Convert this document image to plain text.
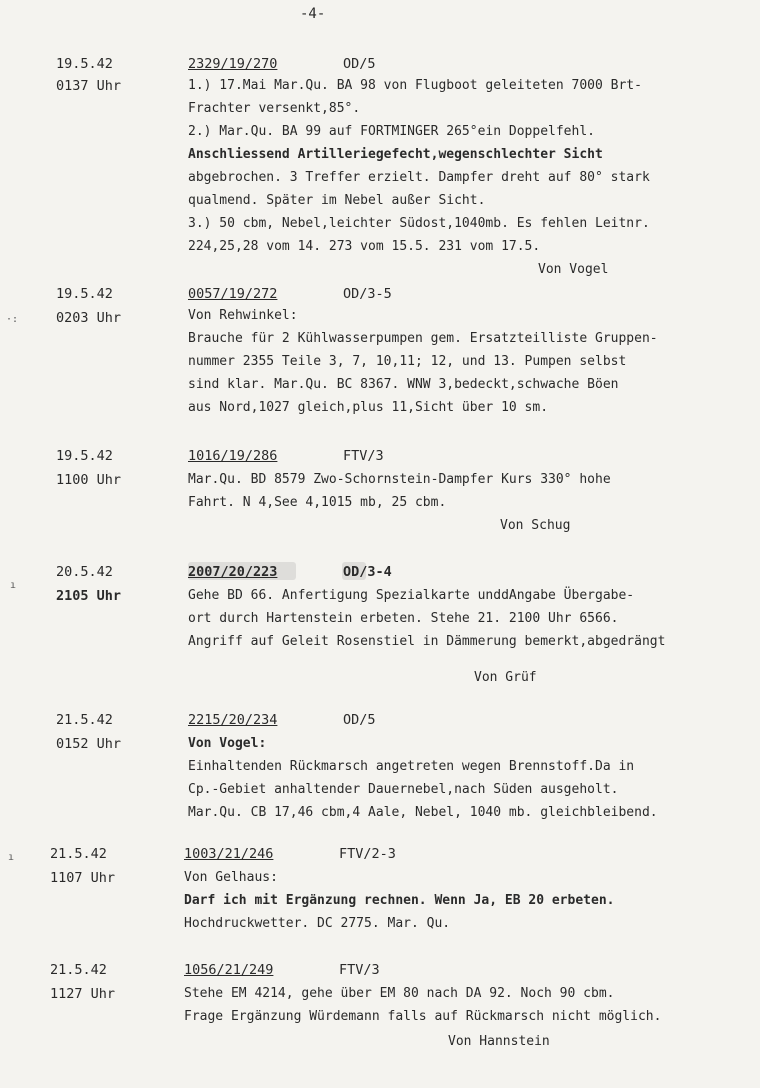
-4-
·:
ı
ı
19.5.42
0137 Uhr
2329/19/270	OD/5
1.) 17.Mai Mar.Qu. BA 98 von Flugboot geleiteten 7000 Brt-
Frachter versenkt,85°.
2.) Mar.Qu. BA 99 auf FORTMINGER 265°ein Doppelfehl.
Anschliessend Artilleriegefecht,wegenschlechter Sicht
abgebrochen. 3 Treffer erzielt. Dampfer dreht auf 80° stark
qualmend. Später im Nebel außer Sicht.
3.) 50 cbm, Nebel,leichter Südost,1040mb. Es fehlen Leitnr.
224,25,28 vom 14. 273 vom 15.5. 231 vom 17.5.
Von Vogel
19.5.42
0203 Uhr
0057/19/272	OD/3-5
Von Rehwinkel:
Brauche für 2 Kühlwasserpumpen gem. Ersatzteilliste Gruppen-
nummer 2355 Teile 3, 7, 10,11; 12, und 13. Pumpen selbst
sind klar. Mar.Qu. BC 8367. WNW 3,bedeckt,schwache Böen
aus Nord,1027 gleich,plus 11,Sicht über 10 sm.
19.5.42
1100 Uhr
1016/19/286	FTV/3
Mar.Qu. BD 8579 Zwo-Schornstein-Dampfer Kurs 330° hohe
Fahrt. N 4,See 4,1015 mb, 25 cbm.
Von Schug
20.5.42
2105 Uhr
2007/20/223	OD/3-4
Gehe BD 66. Anfertigung Spezialkarte unddAngabe Übergabe-
ort durch Hartenstein erbeten. Stehe 21. 2100 Uhr 6566.
Angriff auf Geleit Rosenstiel in Dämmerung bemerkt,abgedrängt
Von Grüf
21.5.42
0152 Uhr
2215/20/234	OD/5
Von Vogel:
Einhaltenden Rückmarsch angetreten wegen Brennstoff.Da in
Cp.-Gebiet anhaltender Dauernebel,nach Süden ausgeholt.
Mar.Qu. CB 17,46 cbm,4 Aale, Nebel, 1040 mb. gleichbleibend.
21.5.42
1107 Uhr
1003/21/246	FTV/2-3
Von Gelhaus:
Darf ich mit Ergänzung rechnen. Wenn Ja, EB 20 erbeten.
Hochdruckwetter. DC 2775. Mar. Qu.
21.5.42
1127 Uhr
1056/21/249	FTV/3
Stehe EM 4214, gehe über EM 80 nach DA 92. Noch 90 cbm.
Frage Ergänzung Würdemann falls auf Rückmarsch nicht möglich.
Von Hannstein
